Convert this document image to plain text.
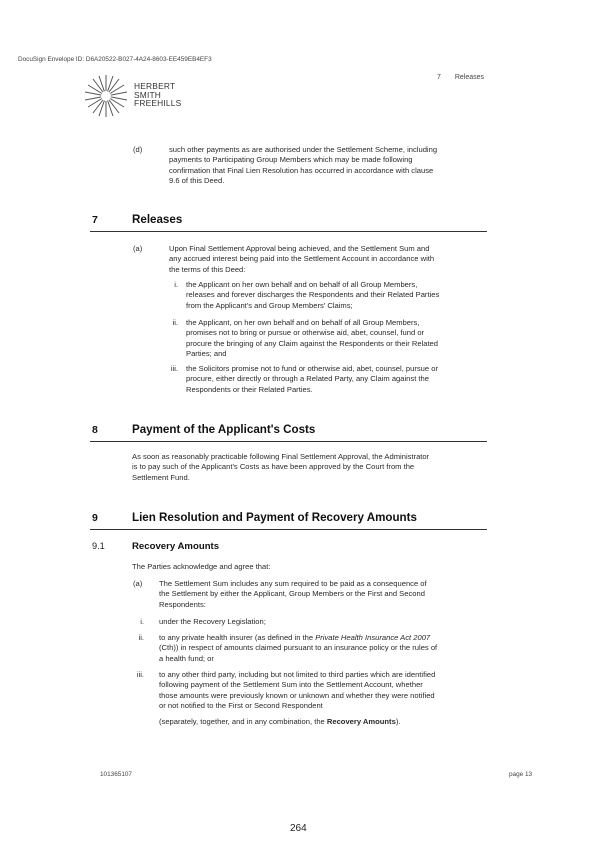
DocuSign Envelope ID: D6A20522-B027-4A24-8603-EE459EB4EF3
HERBERT
SMITH
FREEHILLS
7 Releases
(d)	such other payments as are authorised under the Settlement Scheme, including
payments to Participating Group Members which may be made following
confirmation that Final Lien Resolution has occurred in accordance with clause
9.6 of this Deed.
7	Releases
(a)	Upon Final Settlement Approval being achieved, and the Settlement Sum and
any accrued interest being paid into the Settlement Account in accordance with
the terms of this Deed:
i. the Applicant on her own behalf and on behalf of all Group Members,
releases and forever discharges the Respondents and their Related Parties
from the Applicant's and Group Members' Claims;
ii. the Applicant, on her own behalf and on behalf of all Group Members,
promises not to bring or pursue or otherwise aid, abet, counsel, fund or
procure the bringing of any Claim against the Respondents or their Related
Parties; and
iii. the Solicitors promise not to fund or otherwise aid, abet, counsel, pursue or
procure, either directly or through a Related Party, any Claim against the
Respondents or their Related Parties.
8	Payment of the Applicant's Costs
As soon as reasonably practicable following Final Settlement Approval, the Administrator
is to pay such of the Applicant's Costs as have been approved by the Court from the
Settlement Fund.
9	Lien Resolution and Payment of Recovery Amounts
9.1	Recovery Amounts
The Parties acknowledge and agree that:
(a) The Settlement Sum includes any sum required to be paid as a consequence of
the Settlement by either the Applicant, Group Members or the First and Second
Respondents:
i. under the Recovery Legislation;
ii. to any private health insurer (as defined in the Private Health Insurance Act 2007
(Cth)) in respect of amounts claimed pursuant to an insurance policy or the rules of
a health fund; or
iii. to any other third party, including but not limited to third parties which are identified
following payment of the Settlement Sum into the Settlement Account, whether
those amounts were previously known or unknown and whether they were notified
or not notified to the First or Second Respondent
(separately, together, and in any combination, the Recovery Amounts).
101365107	page 13
264
